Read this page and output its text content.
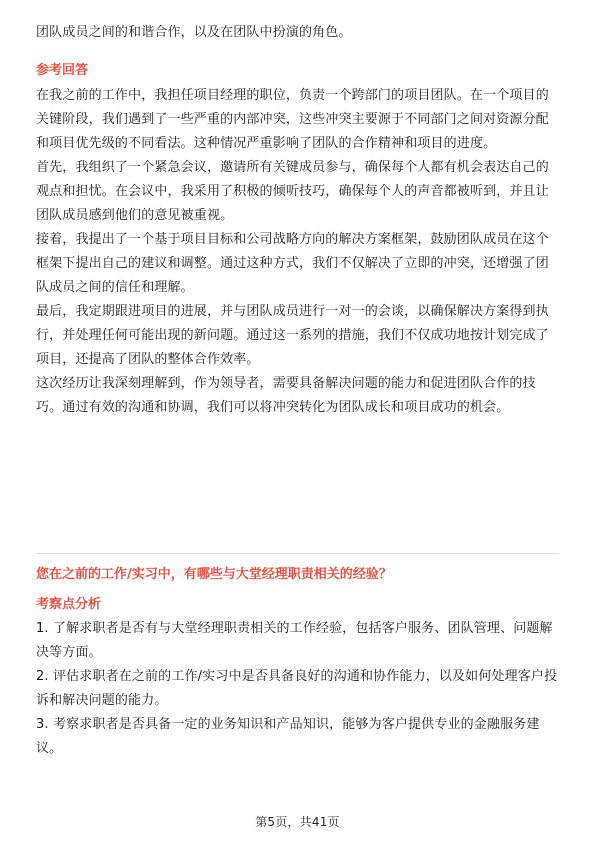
团队成员之间的和谐合作，以及在团队中扮演的角色。

参考回答

在我之前的工作中，我担任项目经理的职位，负责一个跨部门的项目团队。在一个项目的关键阶段，我们遇到了一些严重的内部冲突，这些冲突主要源于不同部门之间对资源分配和项目优先级的不同看法。这种情况严重影响了团队的合作精神和项目的进度。

首先，我组织了一个紧急会议，邀请所有关键成员参与，确保每个人都有机会表达自己的观点和担忧。在会议中，我采用了积极的倾听技巧，确保每个人的声音都被听到，并且让团队成员感到他们的意见被重视。

接着，我提出了一个基于项目目标和公司战略方向的解决方案框架，鼓励团队成员在这个框架下提出自己的建议和调整。通过这种方式，我们不仅解决了立即的冲突，还增强了团队成员之间的信任和理解。

最后，我定期跟进项目的进展，并与团队成员进行一对一的会谈，以确保解决方案得到执行，并处理任何可能出现的新问题。通过这一系列的措施，我们不仅成功地按计划完成了项目，还提高了团队的整体合作效率。

这次经历让我深刻理解到，作为领导者，需要具备解决问题的能力和促进团队合作的技巧。通过有效的沟通和协调，我们可以将冲突转化为团队成长和项目成功的机会。

您在之前的工作/实习中，有哪些与大堂经理职责相关的经验？
考察点分析

1. 了解求职者是否有与大堂经理职责相关的工作经验，包括客户服务、团队管理、问题解决等方面。

2. 评估求职者在之前的工作/实习中是否具备良好的沟通和协作能力，以及如何处理客户投诉和解决问题的能力。

3. 考察求职者是否具备一定的业务知识和产品知识，能够为客户提供专业的金融服务建议。

第5页，共41页
